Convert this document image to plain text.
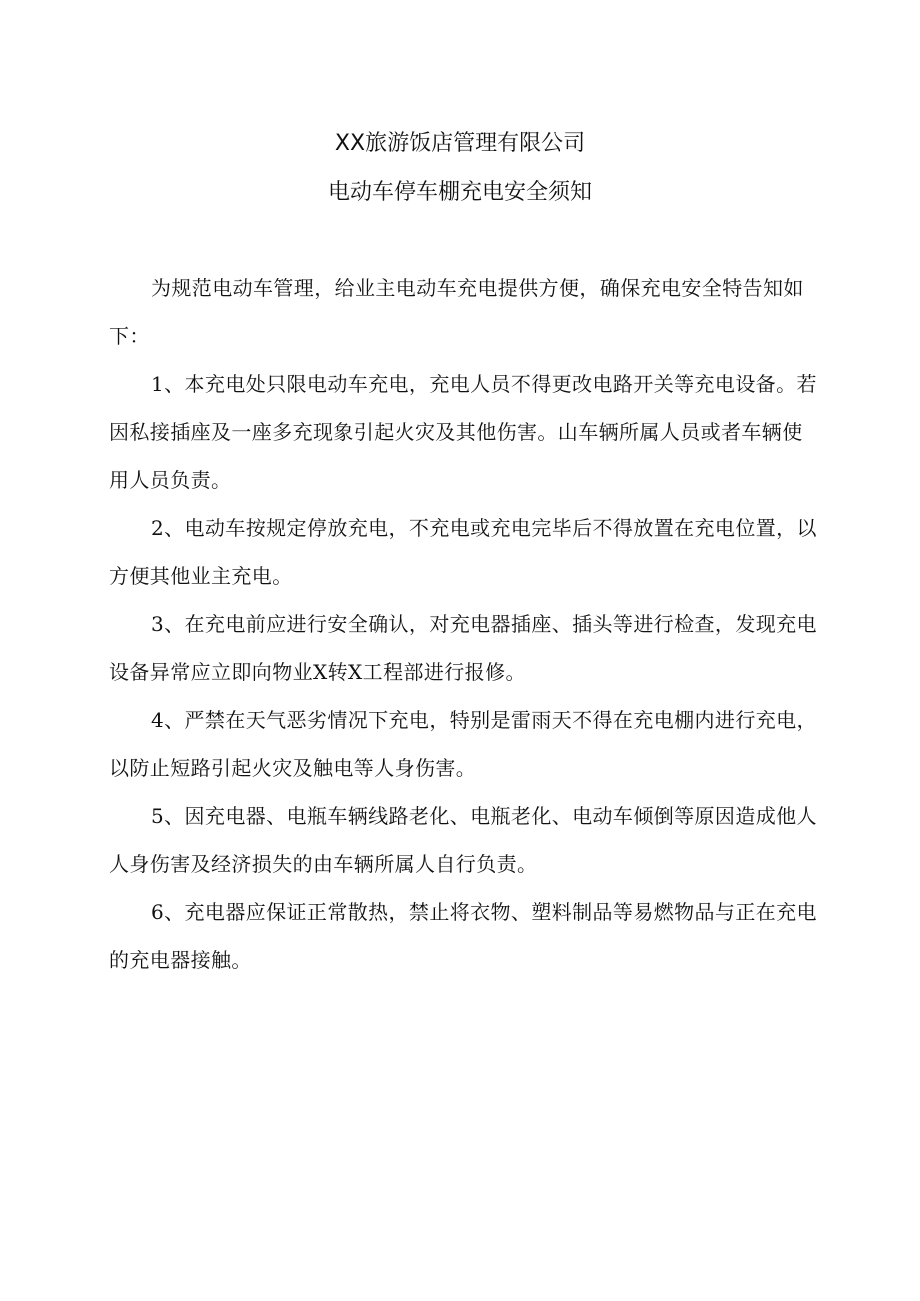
XX旅游饭店管理有限公司
电动车停车棚充电安全须知

为规范电动车管理，给业主电动车充电提供方便，确保充电安全特告知如下：

1、本充电处只限电动车充电，充电人员不得更改电路开关等充电设备。若因私接插座及一座多充现象引起火灾及其他伤害。山车辆所属人员或者车辆使用人员负责。

2、电动车按规定停放充电，不充电或充电完毕后不得放置在充电位置，以方便其他业主充电。

3、在充电前应进行安全确认，对充电器插座、插头等进行检查，发现充电设备异常应立即向物业X转X工程部进行报修。

4、严禁在天气恶劣情况下充电，特别是雷雨天不得在充电棚内进行充电，以防止短路引起火灾及触电等人身伤害。

5、因充电器、电瓶车辆线路老化、电瓶老化、电动车倾倒等原因造成他人人身伤害及经济损失的由车辆所属人自行负责。

6、充电器应保证正常散热，禁止将衣物、塑料制品等易燃物品与正在充电的充电器接触。
